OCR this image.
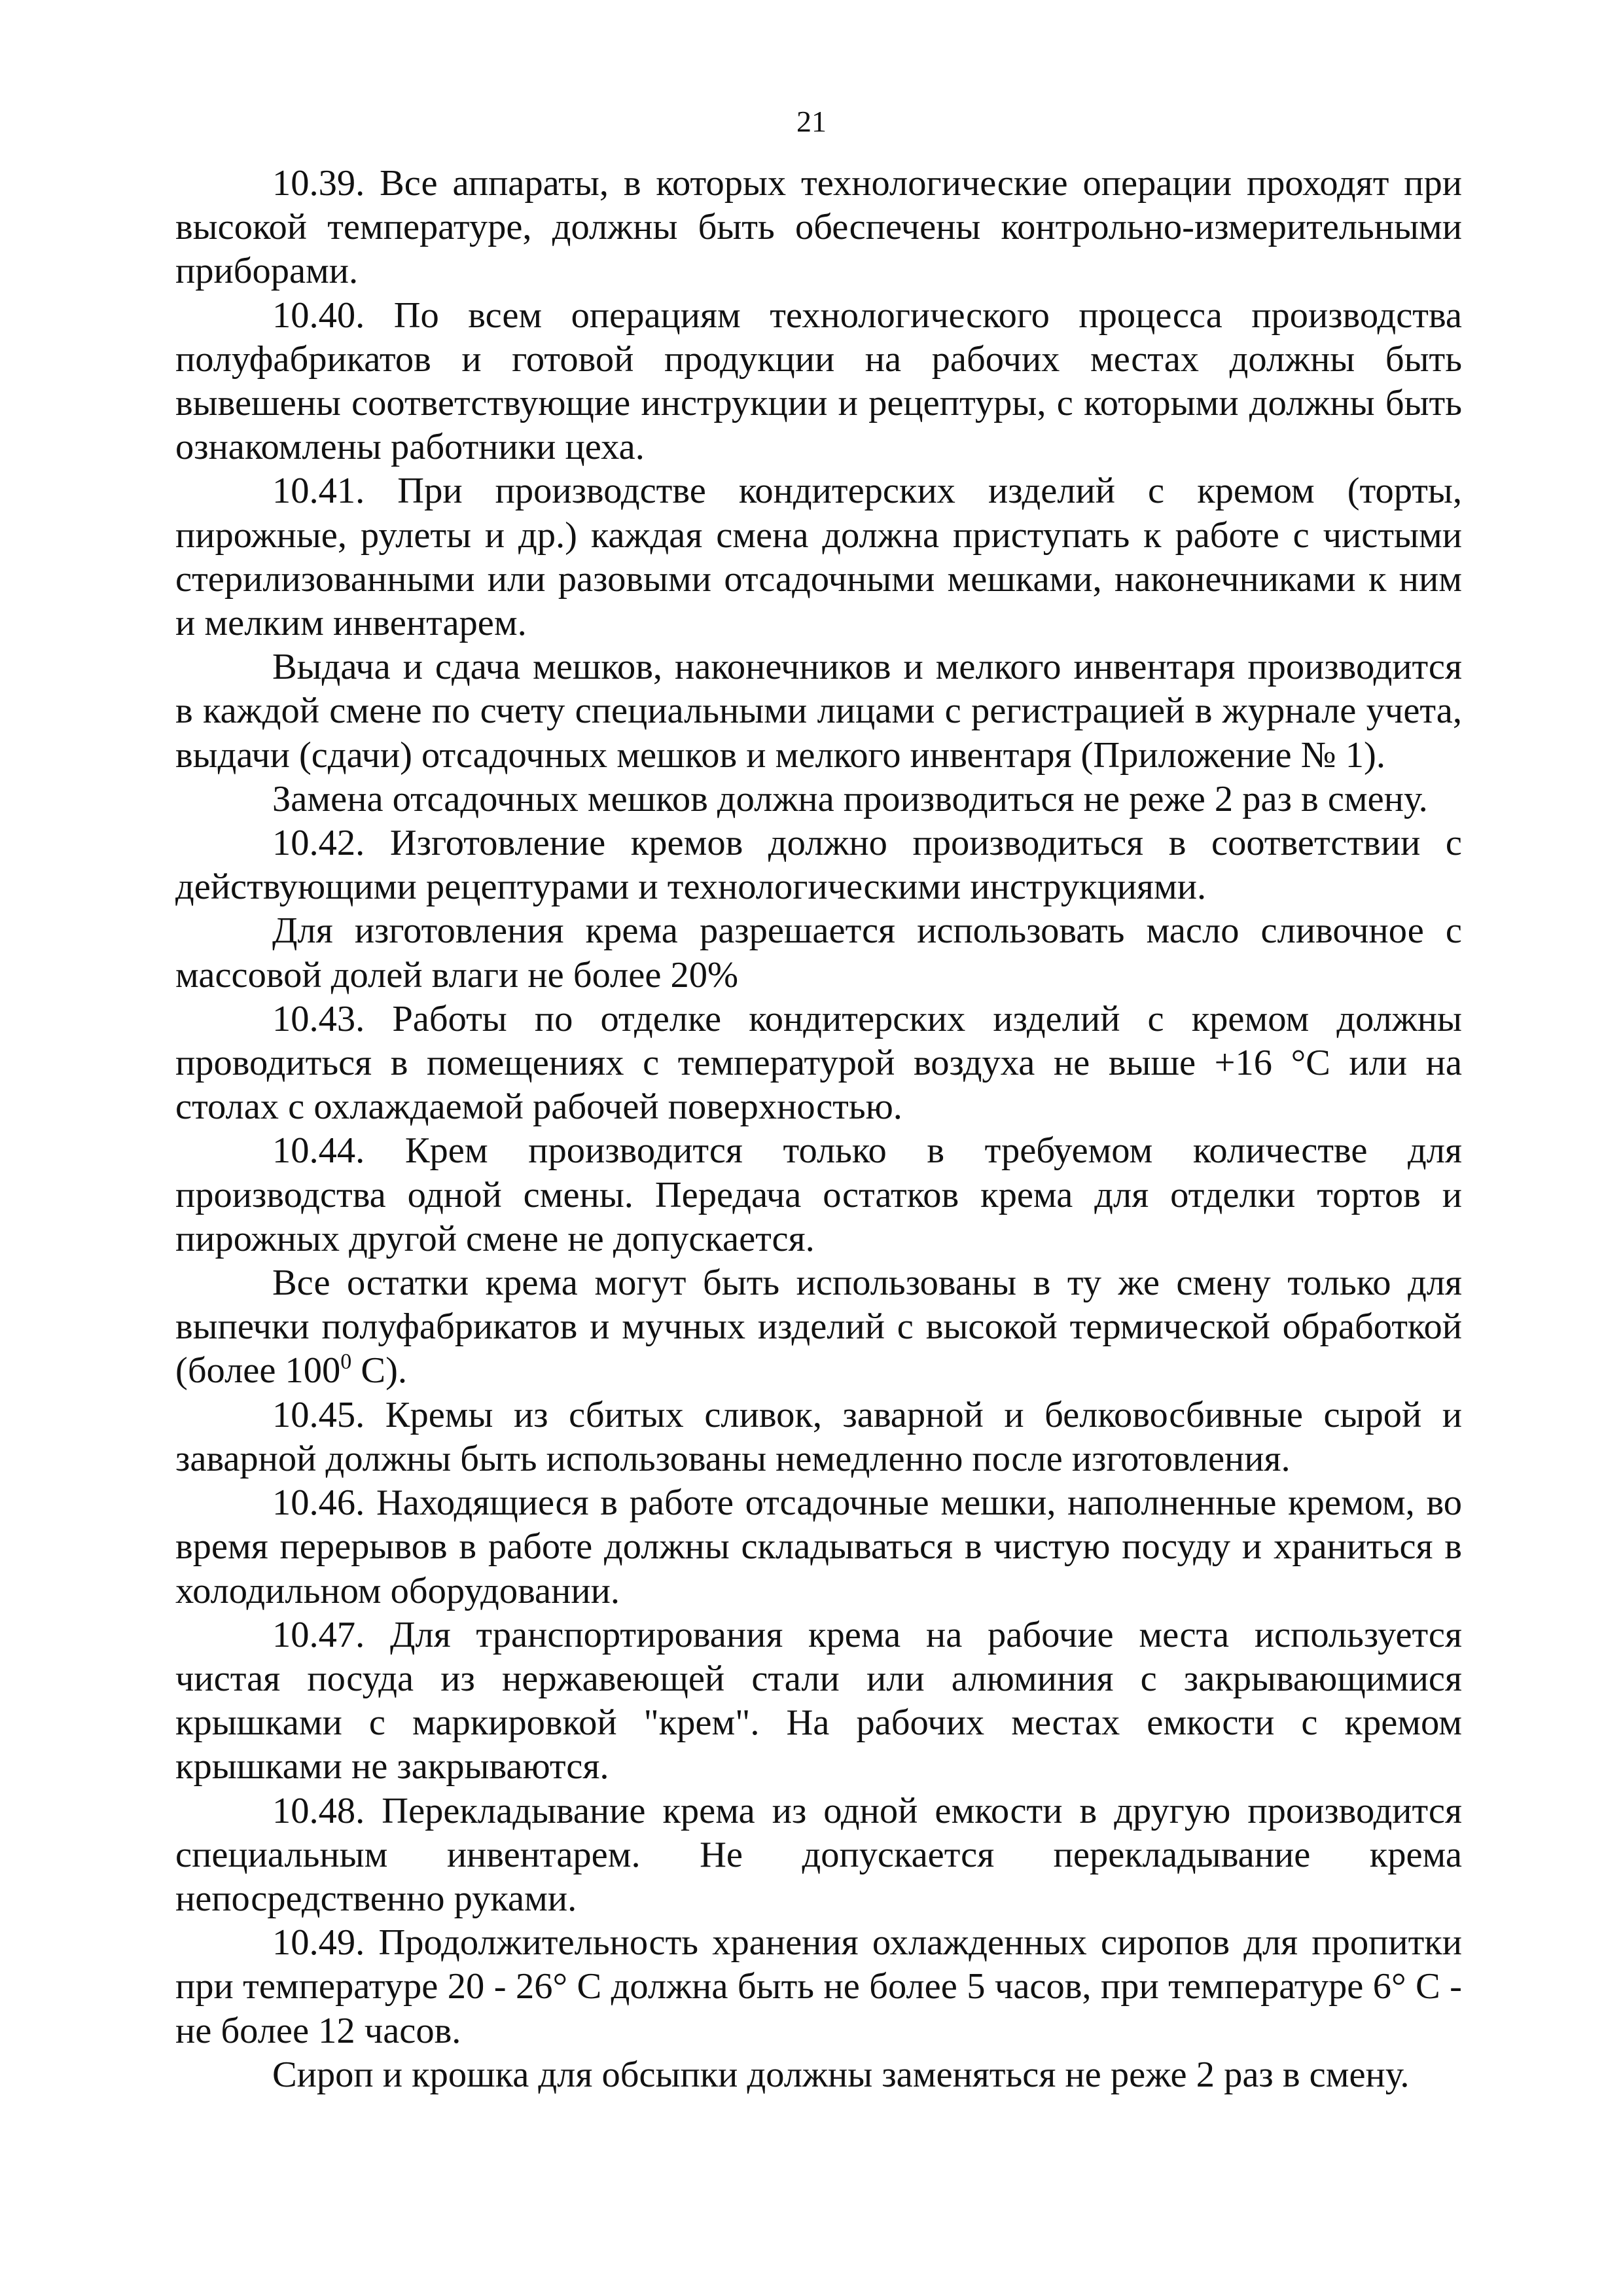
21

10.39. Все аппараты, в которых технологические операции проходят при высокой температуре, должны быть обеспечены контрольно-измерительными приборами.

10.40. По всем операциям технологического процесса производства полуфабрикатов и готовой продукции на рабочих местах должны быть вывешены соответствующие инструкции и рецептуры, с которыми должны быть ознакомлены работники цеха.

10.41. При производстве кондитерских изделий с кремом (торты, пирожные, рулеты и др.) каждая смена должна приступать к работе с чистыми стерилизованными или разовыми отсадочными мешками, наконечниками к ним и мелким инвентарем.

Выдача и сдача мешков, наконечников и мелкого инвентаря производится в каждой смене по счету специальными лицами с регистрацией в журнале учета, выдачи (сдачи) отсадочных мешков и мелкого инвентаря (Приложение № 1).

Замена отсадочных мешков должна производиться не реже 2 раз в смену.

10.42. Изготовление кремов должно производиться в соответствии с действующими рецептурами и технологическими инструкциями.

Для изготовления крема разрешается использовать масло сливочное с массовой долей влаги не более 20%

10.43. Работы по отделке кондитерских изделий с кремом должны проводиться в помещениях с температурой воздуха не выше +16 °С или на столах с охлаждаемой рабочей поверхностью.

10.44. Крем производится только в требуемом количестве для производства одной смены. Передача остатков крема для отделки тортов и пирожных другой смене не допускается.

Все остатки крема могут быть использованы в ту же смену только для выпечки полуфабрикатов и мучных изделий с высокой термической обработкой (более $100^0$ С).

10.45. Кремы из сбитых сливок, заварной и белковосбивные сырой и заварной должны быть использованы немедленно после изготовления.

10.46. Находящиеся в работе отсадочные мешки, наполненные кремом, во время перерывов в работе должны складываться в чистую посуду и храниться в холодильном оборудовании.

10.47. Для транспортирования крема на рабочие места используется чистая посуда из нержавеющей стали или алюминия с закрывающимися крышками с маркировкой "крем". На рабочих местах емкости с кремом крышками не закрываются.

10.48. Перекладывание крема из одной емкости в другую производится специальным инвентарем. Не допускается перекладывание крема непосредственно руками.

10.49. Продолжительность хранения охлажденных сиропов для пропитки при температуре 20 - 26° С должна быть не более 5 часов, при температуре 6° С - не более 12 часов.

Сироп и крошка для обсыпки должны заменяться не реже 2 раз в смену.
